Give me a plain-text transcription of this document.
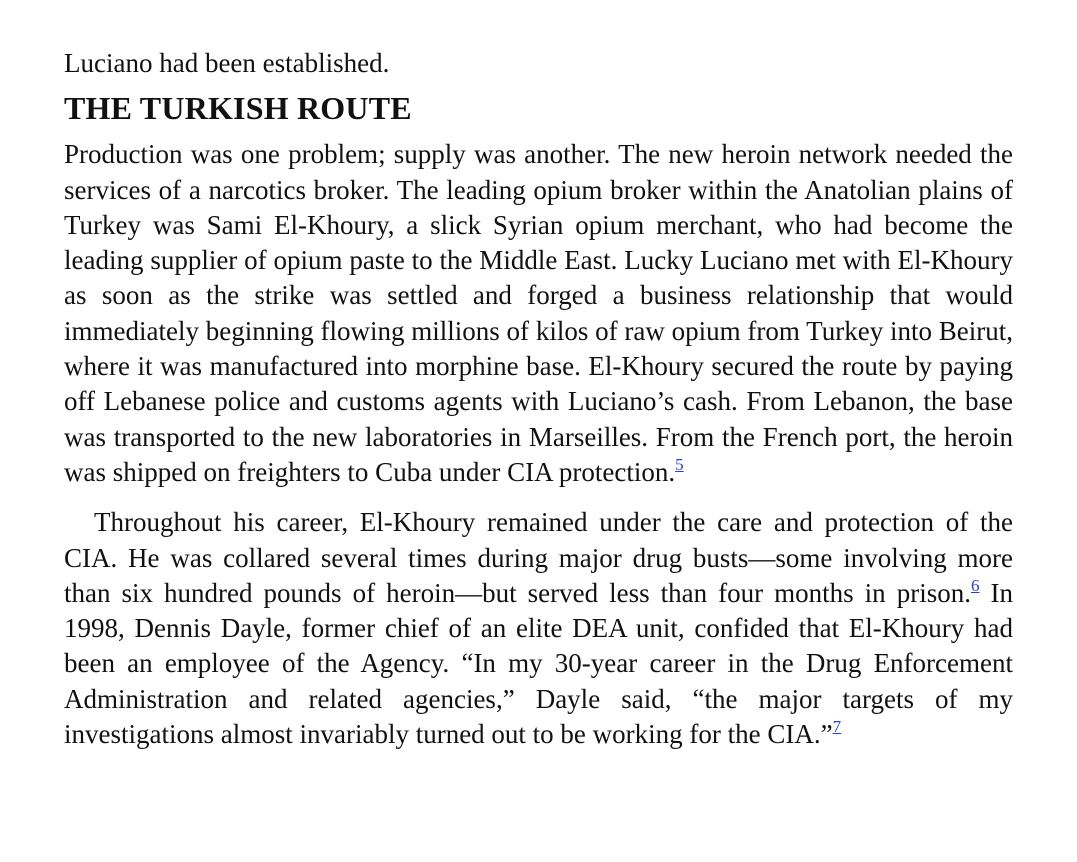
Luciano had been established.

THE TURKISH ROUTE

Production was one problem; supply was another. The new heroin network needed the services of a narcotics broker. The leading opium broker within the Anatolian plains of Turkey was Sami El-Khoury, a slick Syrian opium merchant, who had become the leading supplier of opium paste to the Middle East. Lucky Luciano met with El-Khoury as soon as the strike was settled and forged a business relationship that would immediately beginning flowing millions of kilos of raw opium from Turkey into Beirut, where it was manufactured into morphine base. El-Khoury secured the route by paying off Lebanese police and customs agents with Luciano’s cash. From Lebanon, the base was transported to the new laboratories in Marseilles. From the French port, the heroin was shipped on freighters to Cuba under CIA protection.$^5$

Throughout his career, El-Khoury remained under the care and protection of the CIA. He was collared several times during major drug busts—some involving more than six hundred pounds of heroin—but served less than four months in prison.$^6$ In 1998, Dennis Dayle, former chief of an elite DEA unit, confided that El-Khoury had been an employee of the Agency. “In my 30-year career in the Drug Enforcement Administration and related agencies,” Dayle said, “the major targets of my investigations almost invariably turned out to be working for the CIA.”$^7$
